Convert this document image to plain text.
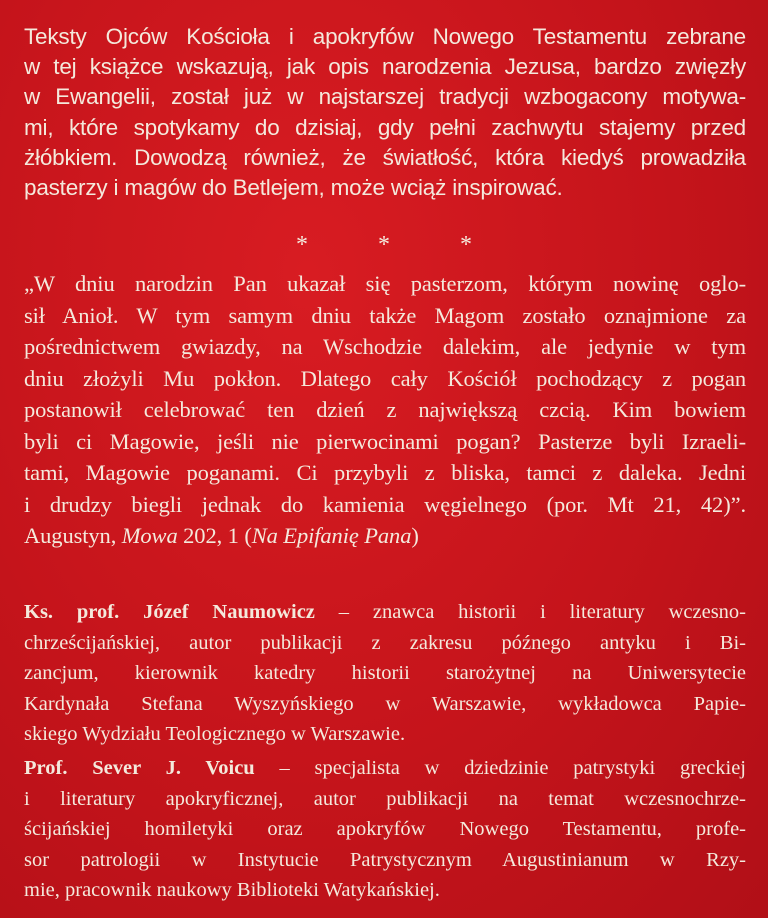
Teksty Ojców Kościoła i apokryfów Nowego Testamentu zebrane
w tej książce wskazują, jak opis narodzenia Jezusa, bardzo zwięzły
w Ewangelii, został już w najstarszej tradycji wzbogacony motywa-
mi, które spotykamy do dzisiaj, gdy pełni zachwytu stajemy przed
żłóbkiem. Dowodzą również, że światłość, która kiedyś prowadziła
pasterzy i magów do Betlejem, może wciąż inspirować.
* * *
„W dniu narodzin Pan ukazał się pasterzom, którym nowinę oglo-
sił Anioł. W tym samym dniu także Magom zostało oznajmione za
pośrednictwem gwiazdy, na Wschodzie dalekim, ale jedynie w tym
dniu złożyli Mu pokłon. Dlatego cały Kościół pochodzący z pogan
postanowił celebrować ten dzień z największą czcią. Kim bowiem
byli ci Magowie, jeśli nie pierwocinami pogan? Pasterze byli Izraeli-
tami, Magowie poganami. Ci przybyli z bliska, tamci z daleka. Jedni
i drudzy biegli jednak do kamienia węgielnego (por. Mt 21, 42)”.
Augustyn, Mowa 202, 1 (Na Epifanię Pana)
Ks. prof. Józef Naumowicz – znawca historii i literatury wczesno-
chrześcijańskiej, autor publikacji z zakresu późnego antyku i Bi-
zancjum, kierownik katedry historii starożytnej na Uniwersytecie
Kardynała Stefana Wyszyńskiego w Warszawie, wykładowca Papie-
skiego Wydziału Teologicznego w Warszawie.
Prof. Sever J. Voicu – specjalista w dziedzinie patrystyki greckiej
i literatury apokryficznej, autor publikacji na temat wczesnochrze-
ścijańskiej homiletyki oraz apokryfów Nowego Testamentu, profe-
sor patrologii w Instytucie Patrystycznym Augustinianum w Rzy-
mie, pracownik naukowy Biblioteki Watykańskiej.
